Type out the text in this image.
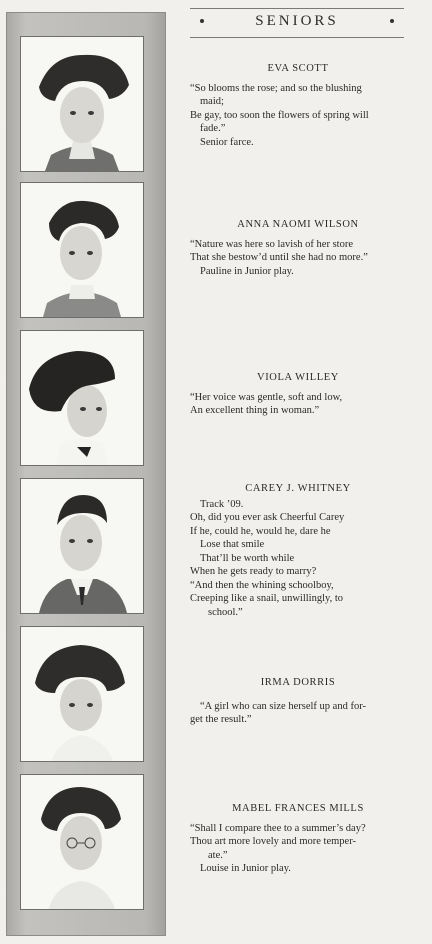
SENIORS
EVA SCOTT
“So blooms the rose; and so the blushing
maid;
Be gay, too soon the flowers of spring will
fade.”
Senior farce.
ANNA NAOMI WILSON
“Nature was here so lavish of her store
That she bestow’d until she had no more.”
Pauline in Junior play.
VIOLA WILLEY
“Her voice was gentle, soft and low,
An excellent thing in woman.”
CAREY J. WHITNEY
Track ’09.
Oh, did you ever ask Cheerful Carey
If he, could he, would he, dare he
Lose that smile
That’ll be worth while
When he gets ready to marry?
“And then the whining schoolboy,
Creeping like a snail, unwillingly, to
school.”
IRMA DORRIS
“A girl who can size herself up and for-
get the result.”
MABEL FRANCES MILLS
“Shall I compare thee to a summer’s day?
Thou art more lovely and more temper-
ate.”
Louise in Junior play.
